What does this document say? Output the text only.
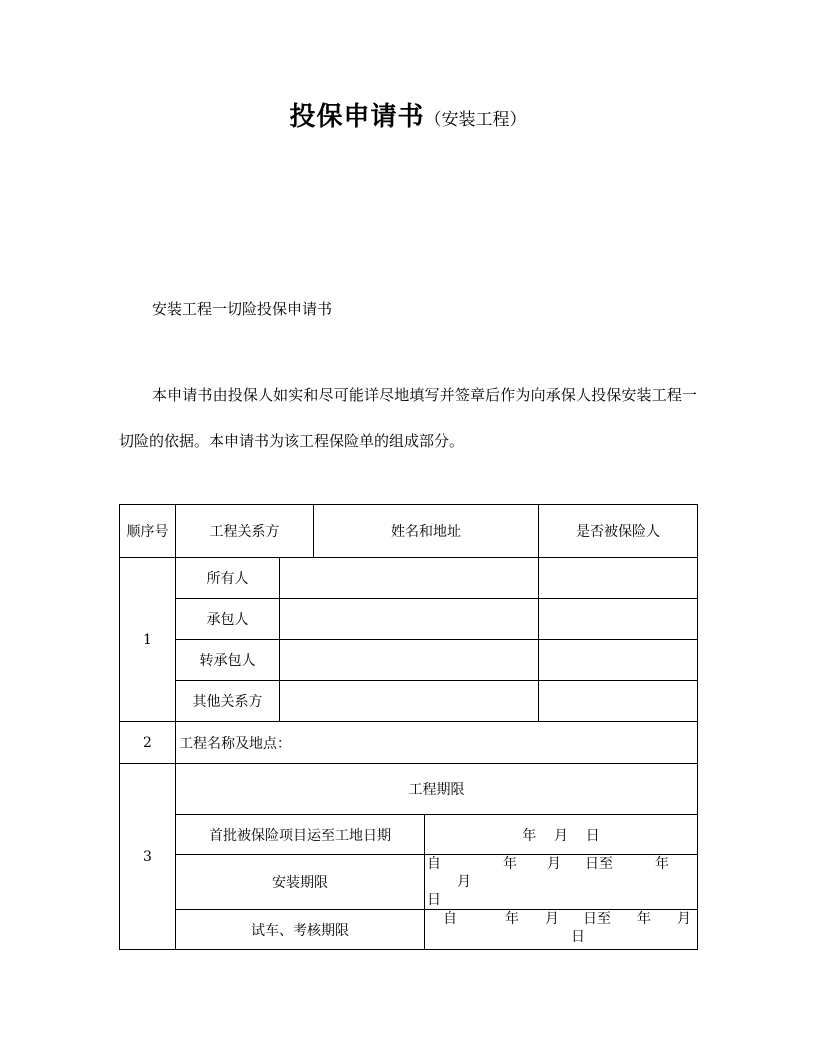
投保申请书（安装工程）
安装工程一切险投保申请书

本申请书由投保人如实和尽可能详尽地填写并签章后作为向承保人投保安装工程一切险的依据。本申请书为该工程保险单的组成部分。

顺序号	工程关系方		姓名和地址		是否被保险人
1	所有人				
	承包人				
	转承包人				
	其他关系方				
2	工程名称及地点：				
3	工程期限				
	首批被保险项目运至工地日期			年    月    日	
	安装期限			自 年 月 日至 年月
日	
	试车、考核期限			自 年 月 日至 年 月
日	
